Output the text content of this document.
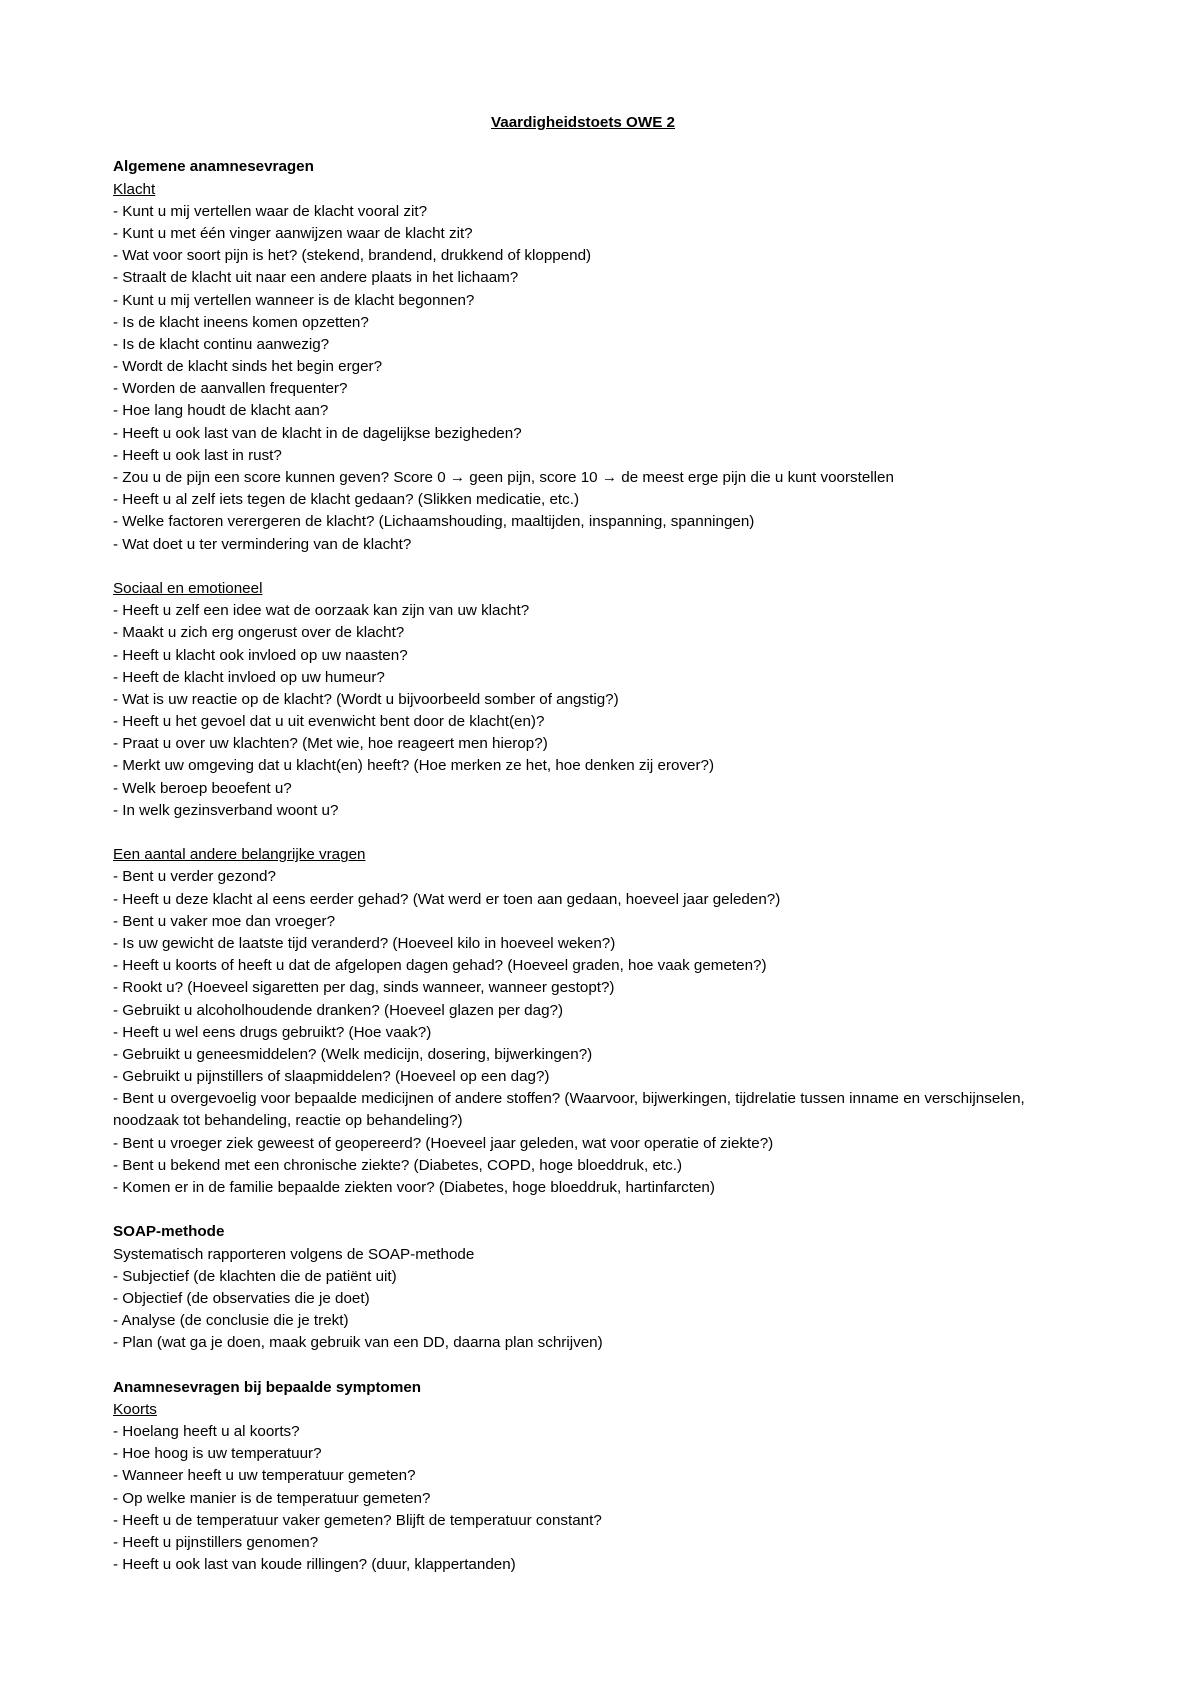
Vaardigheidstoets OWE 2
Algemene anamnesevragen
Klacht
- Kunt u mij vertellen waar de klacht vooral zit?
- Kunt u met één vinger aanwijzen waar de klacht zit?
- Wat voor soort pijn is het? (stekend, brandend, drukkend of kloppend)
- Straalt de klacht uit naar een andere plaats in het lichaam?
- Kunt u mij vertellen wanneer is de klacht begonnen?
- Is de klacht ineens komen opzetten?
- Is de klacht continu aanwezig?
- Wordt de klacht sinds het begin erger?
- Worden de aanvallen frequenter?
- Hoe lang houdt de klacht aan?
- Heeft u ook last van de klacht in de dagelijkse bezigheden?
- Heeft u ook last in rust?
- Zou u de pijn een score kunnen geven? Score 0 → geen pijn, score 10 → de meest erge pijn die u kunt voorstellen
- Heeft u al zelf iets tegen de klacht gedaan? (Slikken medicatie, etc.)
- Welke factoren verergeren de klacht? (Lichaamshouding, maaltijden, inspanning, spanningen)
- Wat doet u ter vermindering van de klacht?
Sociaal en emotioneel
- Heeft u zelf een idee wat de oorzaak kan zijn van uw klacht?
- Maakt u zich erg ongerust over de klacht?
- Heeft u klacht ook invloed op uw naasten?
- Heeft de klacht invloed op uw humeur?
- Wat is uw reactie op de klacht? (Wordt u bijvoorbeeld somber of angstig?)
- Heeft u het gevoel dat u uit evenwicht bent door de klacht(en)?
- Praat u over uw klachten? (Met wie, hoe reageert men hierop?)
- Merkt uw omgeving dat u klacht(en) heeft? (Hoe merken ze het, hoe denken zij erover?)
- Welk beroep beoefent u?
- In welk gezinsverband woont u?
Een aantal andere belangrijke vragen
- Bent u verder gezond?
- Heeft u deze klacht al eens eerder gehad? (Wat werd er toen aan gedaan, hoeveel jaar geleden?)
- Bent u vaker moe dan vroeger?
- Is uw gewicht de laatste tijd veranderd? (Hoeveel kilo in hoeveel weken?)
- Heeft u koorts of heeft u dat de afgelopen dagen gehad? (Hoeveel graden, hoe vaak gemeten?)
- Rookt u? (Hoeveel sigaretten per dag, sinds wanneer, wanneer gestopt?)
- Gebruikt u alcoholhoudende dranken? (Hoeveel glazen per dag?)
- Heeft u wel eens drugs gebruikt? (Hoe vaak?)
- Gebruikt u geneesmiddelen? (Welk medicijn, dosering, bijwerkingen?)
- Gebruikt u pijnstillers of slaapmiddelen? (Hoeveel op een dag?)
- Bent u overgevoelig voor bepaalde medicijnen of andere stoffen? (Waarvoor, bijwerkingen, tijdrelatie tussen inname en verschijnselen, noodzaak tot behandeling, reactie op behandeling?)
- Bent u vroeger ziek geweest of geopereerd? (Hoeveel jaar geleden, wat voor operatie of ziekte?)
- Bent u bekend met een chronische ziekte? (Diabetes, COPD, hoge bloeddruk, etc.)
- Komen er in de familie bepaalde ziekten voor? (Diabetes, hoge bloeddruk, hartinfarcten)
SOAP-methode
Systematisch rapporteren volgens de SOAP-methode
- Subjectief (de klachten die de patiënt uit)
- Objectief (de observaties die je doet)
- Analyse (de conclusie die je trekt)
- Plan (wat ga je doen, maak gebruik van een DD, daarna plan schrijven)
Anamnesevragen bij bepaalde symptomen
Koorts
- Hoelang heeft u al koorts?
- Hoe hoog is uw temperatuur?
- Wanneer heeft u uw temperatuur gemeten?
- Op welke manier is de temperatuur gemeten?
- Heeft u de temperatuur vaker gemeten? Blijft de temperatuur constant?
- Heeft u pijnstillers genomen?
- Heeft u ook last van koude rillingen? (duur, klappertanden)
